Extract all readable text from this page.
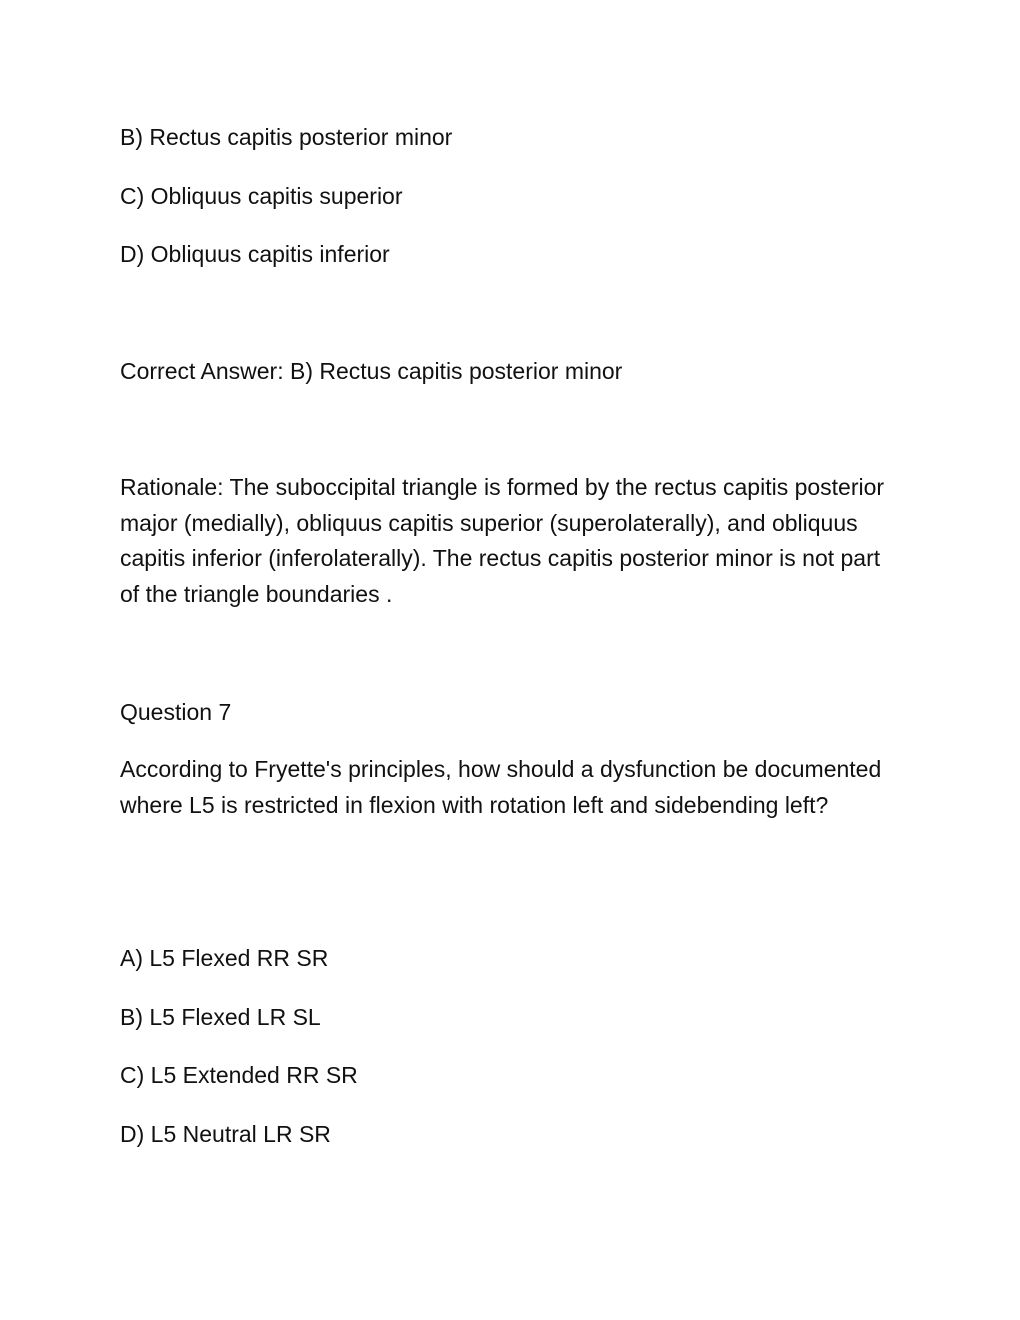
B) Rectus capitis posterior minor
C) Obliquus capitis superior
D) Obliquus capitis inferior
Correct Answer: B) Rectus capitis posterior minor
Rationale: The suboccipital triangle is formed by the rectus capitis posterior major (medially), obliquus capitis superior (superolaterally), and obliquus capitis inferior (inferolaterally). The rectus capitis posterior minor is not part of the triangle boundaries .
Question 7
According to Fryette's principles, how should a dysfunction be documented where L5 is restricted in flexion with rotation left and sidebending left?
A) L5 Flexed RR SR
B) L5 Flexed LR SL
C) L5 Extended RR SR
D) L5 Neutral LR SR
